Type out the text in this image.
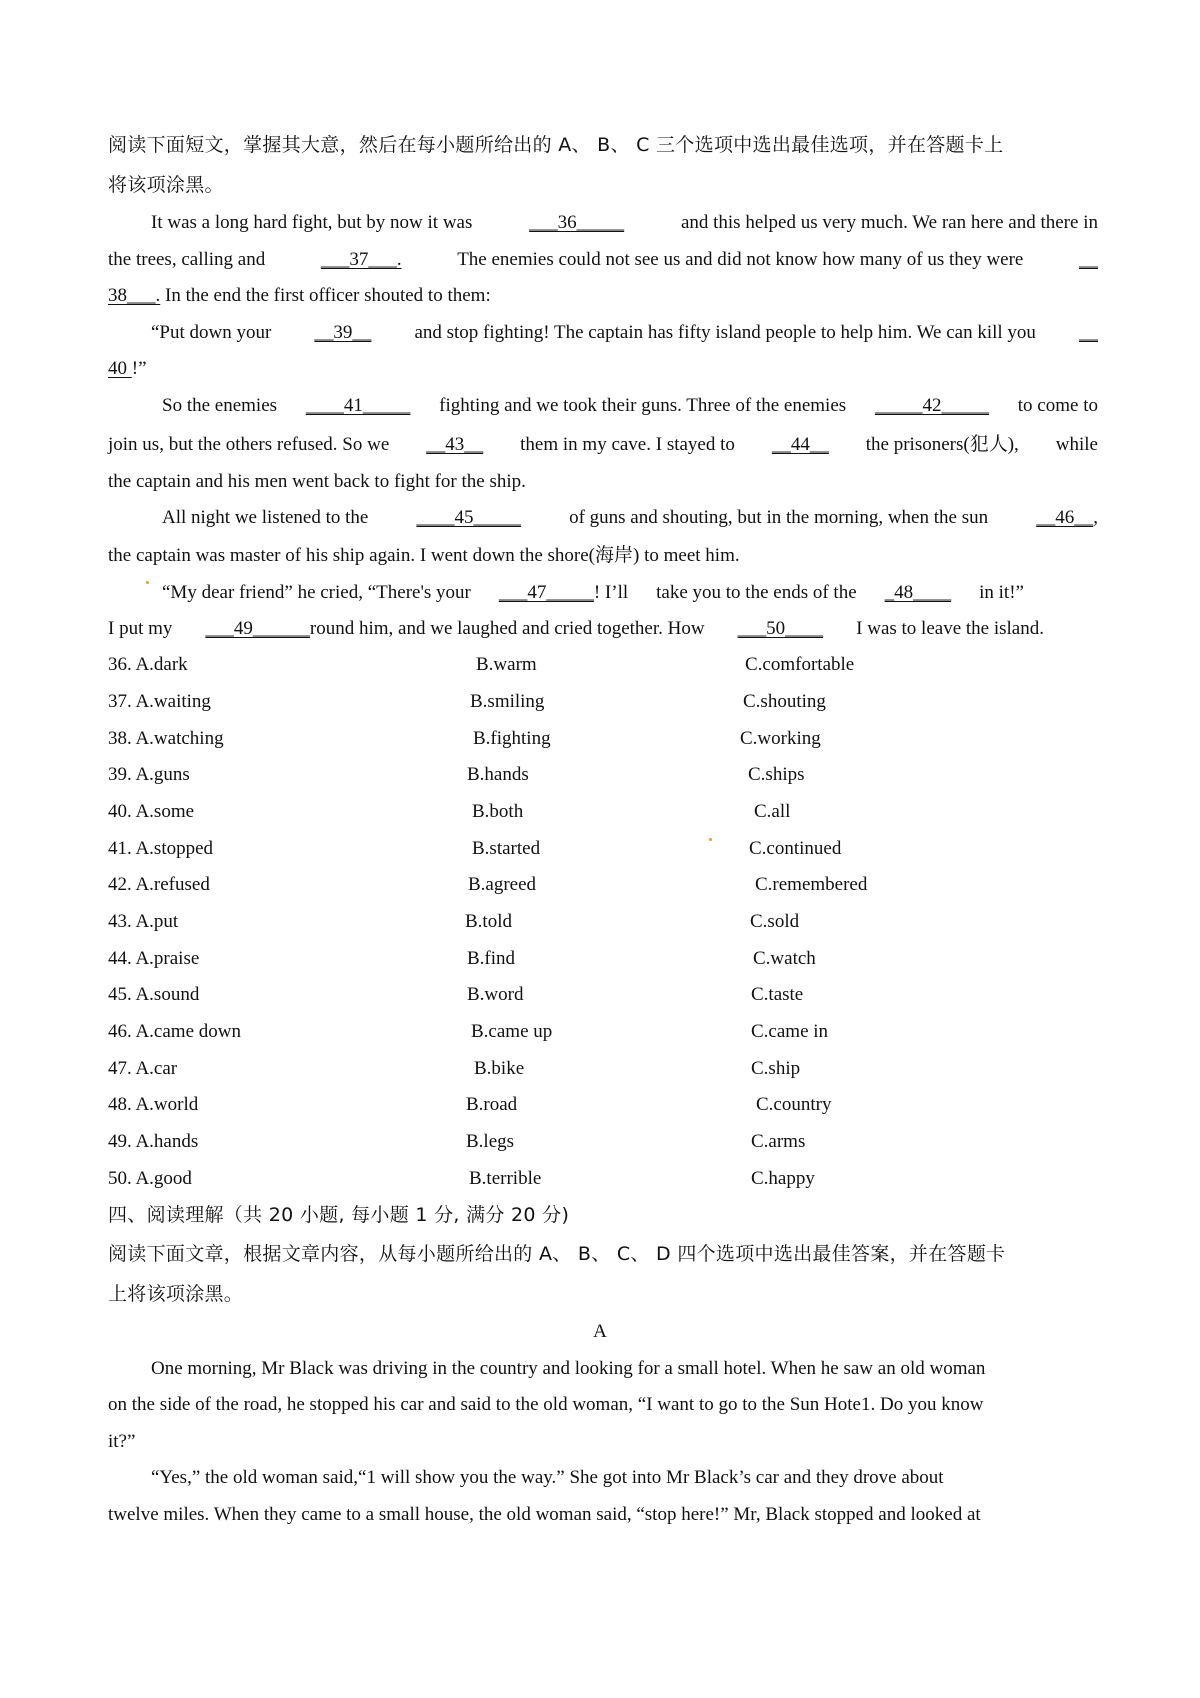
阅读下面短文，掌握其大意，然后在每小题所给出的 A、 B、 C 三个选项中选出最佳选项，并在答题卡上
将该项涂黑。
It was a long hard fight, but by now it was	___36_____	and this helped us very much. We ran here and there in
the trees, calling and	___37___.	The enemies could not see us and did not know how many of us they were	__
38___. In the end the first officer shouted to them:
“Put down your __39__ and stop fighting! The captain has fifty island people to help him. We can kill you __
40 !”
So the enemies ____41_____ fighting and we took their guns. Three of the enemies _____42_____ to come to
join us, but the others refused. So we __43__ them in my cave. I stayed to __44__ the prisoners(犯人), while
the captain and his men went back to fight for the ship.
All night we listened to the	____45_____	of guns and shouting, but in the morning, when the sun	__46__,
the captain was master of his ship again. I went down the shore(海岸) to meet him.
“My dear friend” he cried, “There's your ___47_____! I’ll take you to the ends of the _48____ in it!”
I put my ___49______round him, and we laughed and cried together. How ___50____ I was to leave the island.
36. A.dark	B.warm	C.comfortable
37. A.waiting	B.smiling	C.shouting
38. A.watching	B.fighting	C.working
39. A.guns	B.hands	C.ships
40. A.some	B.both	C.all
41. A.stopped	B.started	C.continued
42. A.refused	B.agreed	C.remembered
43. A.put	B.told	C.sold
44. A.praise	B.find	C.watch
45. A.sound	B.word	C.taste
46. A.came down	B.came up	C.came in
47. A.car	B.bike	C.ship
48. A.world	B.road	C.country
49. A.hands	B.legs	C.arms
50. A.good	B.terrible	C.happy
四、阅读理解（共 20 小题, 每小题 1 分, 满分 20 分)
阅读下面文章，根据文章内容，从每小题所给出的 A、 B、 C、 D 四个选项中选出最佳答案，并在答题卡
上将该项涂黑。
A
One morning, Mr Black was driving in the country and looking for a small hotel. When he saw an old woman
on the side of the road, he stopped his car and said to the old woman, “I want to go to the Sun Hote1. Do you know
it?”
“Yes,” the old woman said,“1 will show you the way.” She got into Mr Black’s car and they drove about
twelve miles. When they came to a small house, the old woman said, “stop here!” Mr, Black stopped and looked at
